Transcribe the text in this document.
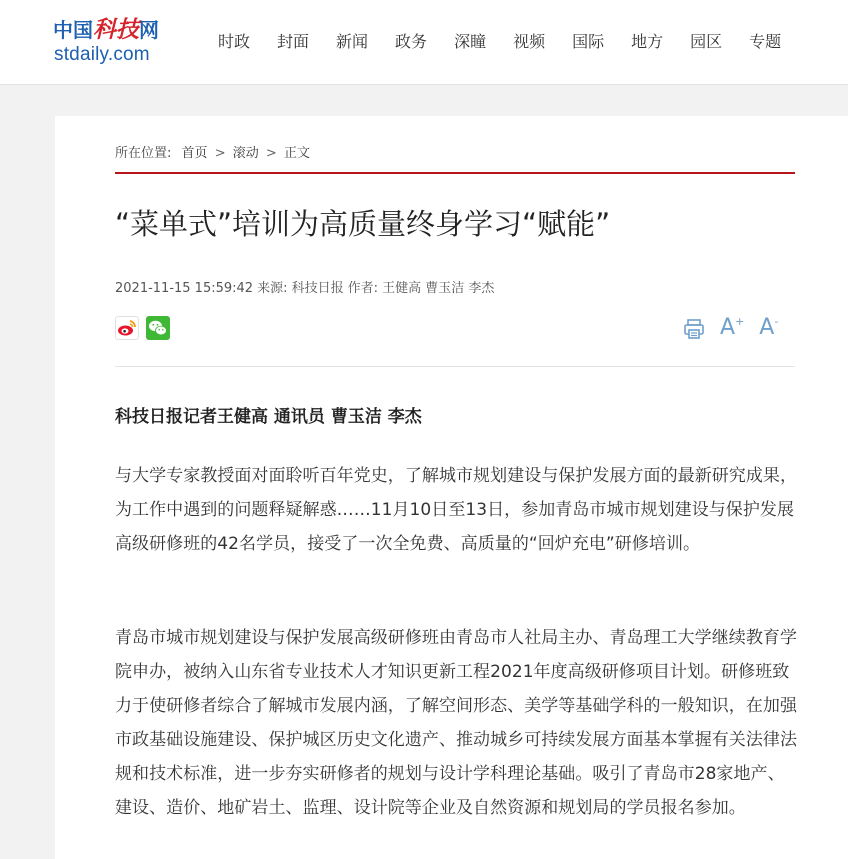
中国科技网
stdaily.com
时政 封面 新闻 政务 深瞳 视频 国际 地方 园区 专题
所在位置: 首页 > 滚动 > 正文
“菜单式”培训为高质量终身学习“赋能”
2021-11-15 15:59:42 来源: 科技日报 作者: 王健高 曹玉洁 李杰
A+ A-
科技日报记者王健高 通讯员 曹玉洁 李杰

与大学专家教授面对面聆听百年党史，了解城市规划建设与保护发展方面的最新研究成果，为工作中遇到的问题释疑解惑……11月10日至13日，参加青岛市城市规划建设与保护发展高级研修班的42名学员，接受了一次全免费、高质量的“回炉充电”研修培训。

青岛市城市规划建设与保护发展高级研修班由青岛市人社局主办、青岛理工大学继续教育学院申办，被纳入山东省专业技术人才知识更新工程2021年度高级研修项目计划。研修班致力于使研修者综合了解城市发展内涵，了解空间形态、美学等基础学科的一般知识，在加强市政基础设施建设、保护城区历史文化遗产、推动城乡可持续发展方面基本掌握有关法律法规和技术标准，进一步夯实研修者的规划与设计学科理论基础。吸引了青岛市28家地产、建设、造价、地矿岩土、监理、设计院等企业及自然资源和规划局的学员报名参加。
